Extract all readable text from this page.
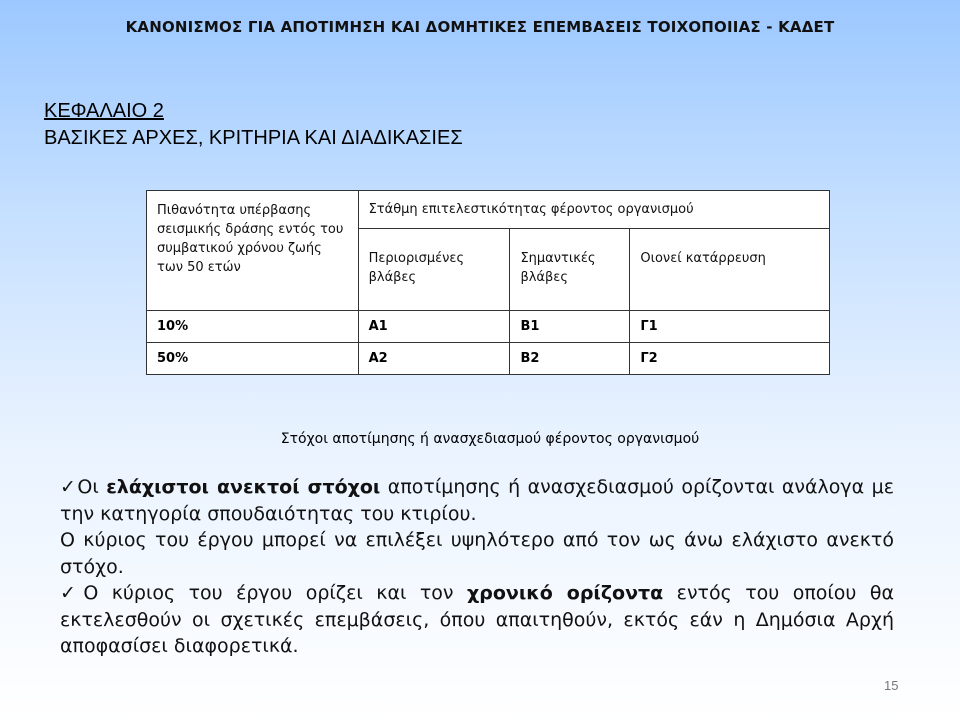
ΚΑΝΟΝΙΣΜΟΣ ΓΙΑ ΑΠΟΤΙΜΗΣΗ ΚΑΙ ΔΟΜΗΤΙΚΕΣ ΕΠΕΜΒΑΣΕΙΣ ΤΟΙΧΟΠΟΙΙΑΣ - ΚΑΔΕΤ
ΚΕΦΑΛΑΙΟ 2
ΒΑΣΙΚΕΣ ΑΡΧΕΣ, ΚΡΙΤΗΡΙΑ ΚΑΙ ΔΙΑΔΙΚΑΣΙΕΣ
Πιθανότητα υπέρβασης σεισμικής δράσης εντός του συμβατικού χρόνου ζωής των 50 ετών	Στάθμη επιτελεστικότητας φέροντος οργανισμού		
	Περιορισμένες βλάβες	Σημαντικές βλάβες	Οιονεί κατάρρευση
10%	Α1	Β1	Γ1
50%	Α2	Β2	Γ2
Στόχοι αποτίμησης ή ανασχεδιασμού φέροντος οργανισμού

✓Οι ελάχιστοι ανεκτοί στόχοι αποτίμησης ή ανασχεδιασμού ορίζονται ανάλογα με την κατηγορία σπουδαιότητας του κτιρίου.

Ο κύριος του έργου μπορεί να επιλέξει υψηλότερο από τον ως άνω ελάχιστο ανεκτό στόχο.

✓Ο κύριος του έργου ορίζει και τον χρονικό ορίζοντα εντός του οποίου θα εκτελεσθούν οι σχετικές επεμβάσεις, όπου απαιτηθούν, εκτός εάν η Δημόσια Αρχή αποφασίσει διαφορετικά.

15
